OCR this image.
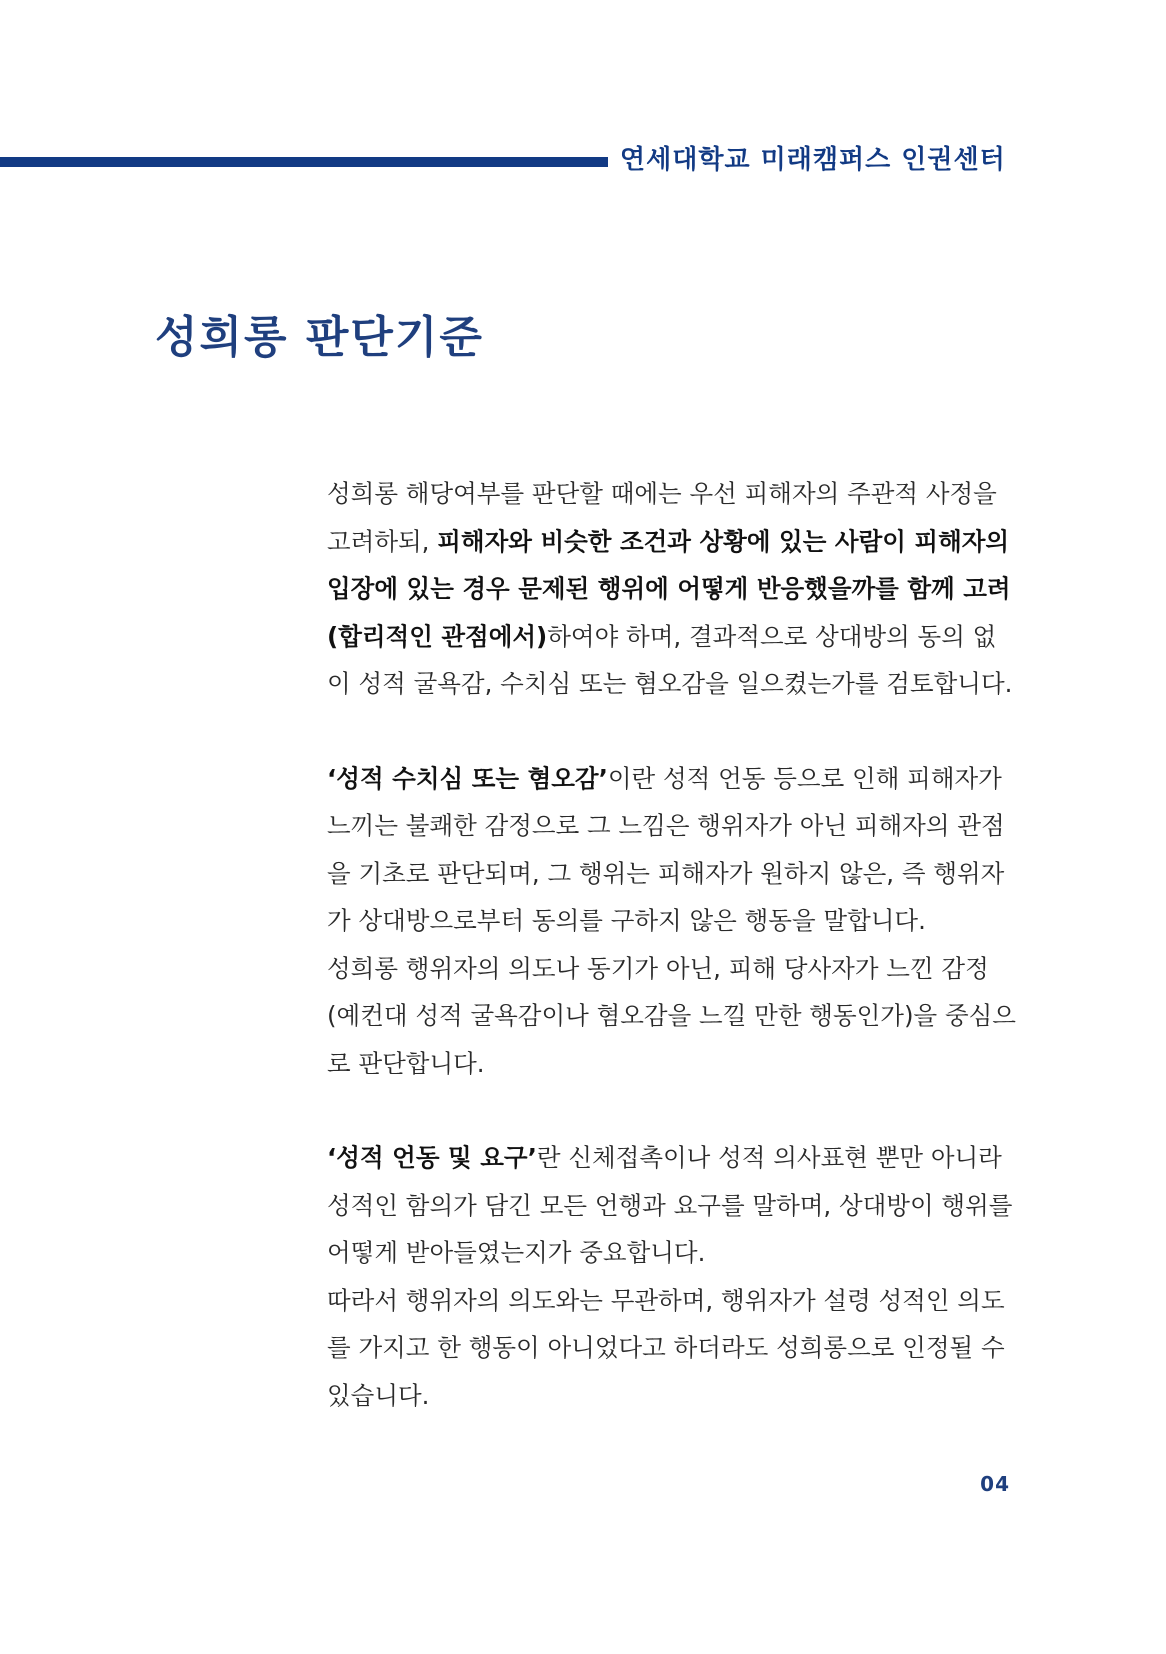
연세대학교 미래캠퍼스 인권센터
성희롱 판단기준

성희롱 해당여부를 판단할 때에는 우선 피해자의 주관적 사정을 고려하되, 피해자와 비슷한 조건과 상황에 있는 사람이 피해자의 입장에 있는 경우 문제된 행위에 어떻게 반응했을까를 함께 고려(합리적인 관점에서)하여야 하며, 결과적으로 상대방의 동의 없이 성적 굴욕감, 수치심 또는 혐오감을 일으켰는가를 검토합니다.

‘성적 수치심 또는 혐오감’이란 성적 언동 등으로 인해 피해자가 느끼는 불쾌한 감정으로 그 느낌은 행위자가 아닌 피해자의 관점을 기초로 판단되며, 그 행위는 피해자가 원하지 않은, 즉 행위자가 상대방으로부터 동의를 구하지 않은 행동을 말합니다.

성희롱 행위자의 의도나 동기가 아닌, 피해 당사자가 느낀 감정(예컨대 성적 굴욕감이나 혐오감을 느낄 만한 행동인가)을 중심으로 판단합니다.

‘성적 언동 및 요구’란 신체접촉이나 성적 의사표현 뿐만 아니라 성적인 함의가 담긴 모든 언행과 요구를 말하며, 상대방이 행위를 어떻게 받아들였는지가 중요합니다.

따라서 행위자의 의도와는 무관하며, 행위자가 설령 성적인 의도를 가지고 한 행동이 아니었다고 하더라도 성희롱으로 인정될 수 있습니다.

04
